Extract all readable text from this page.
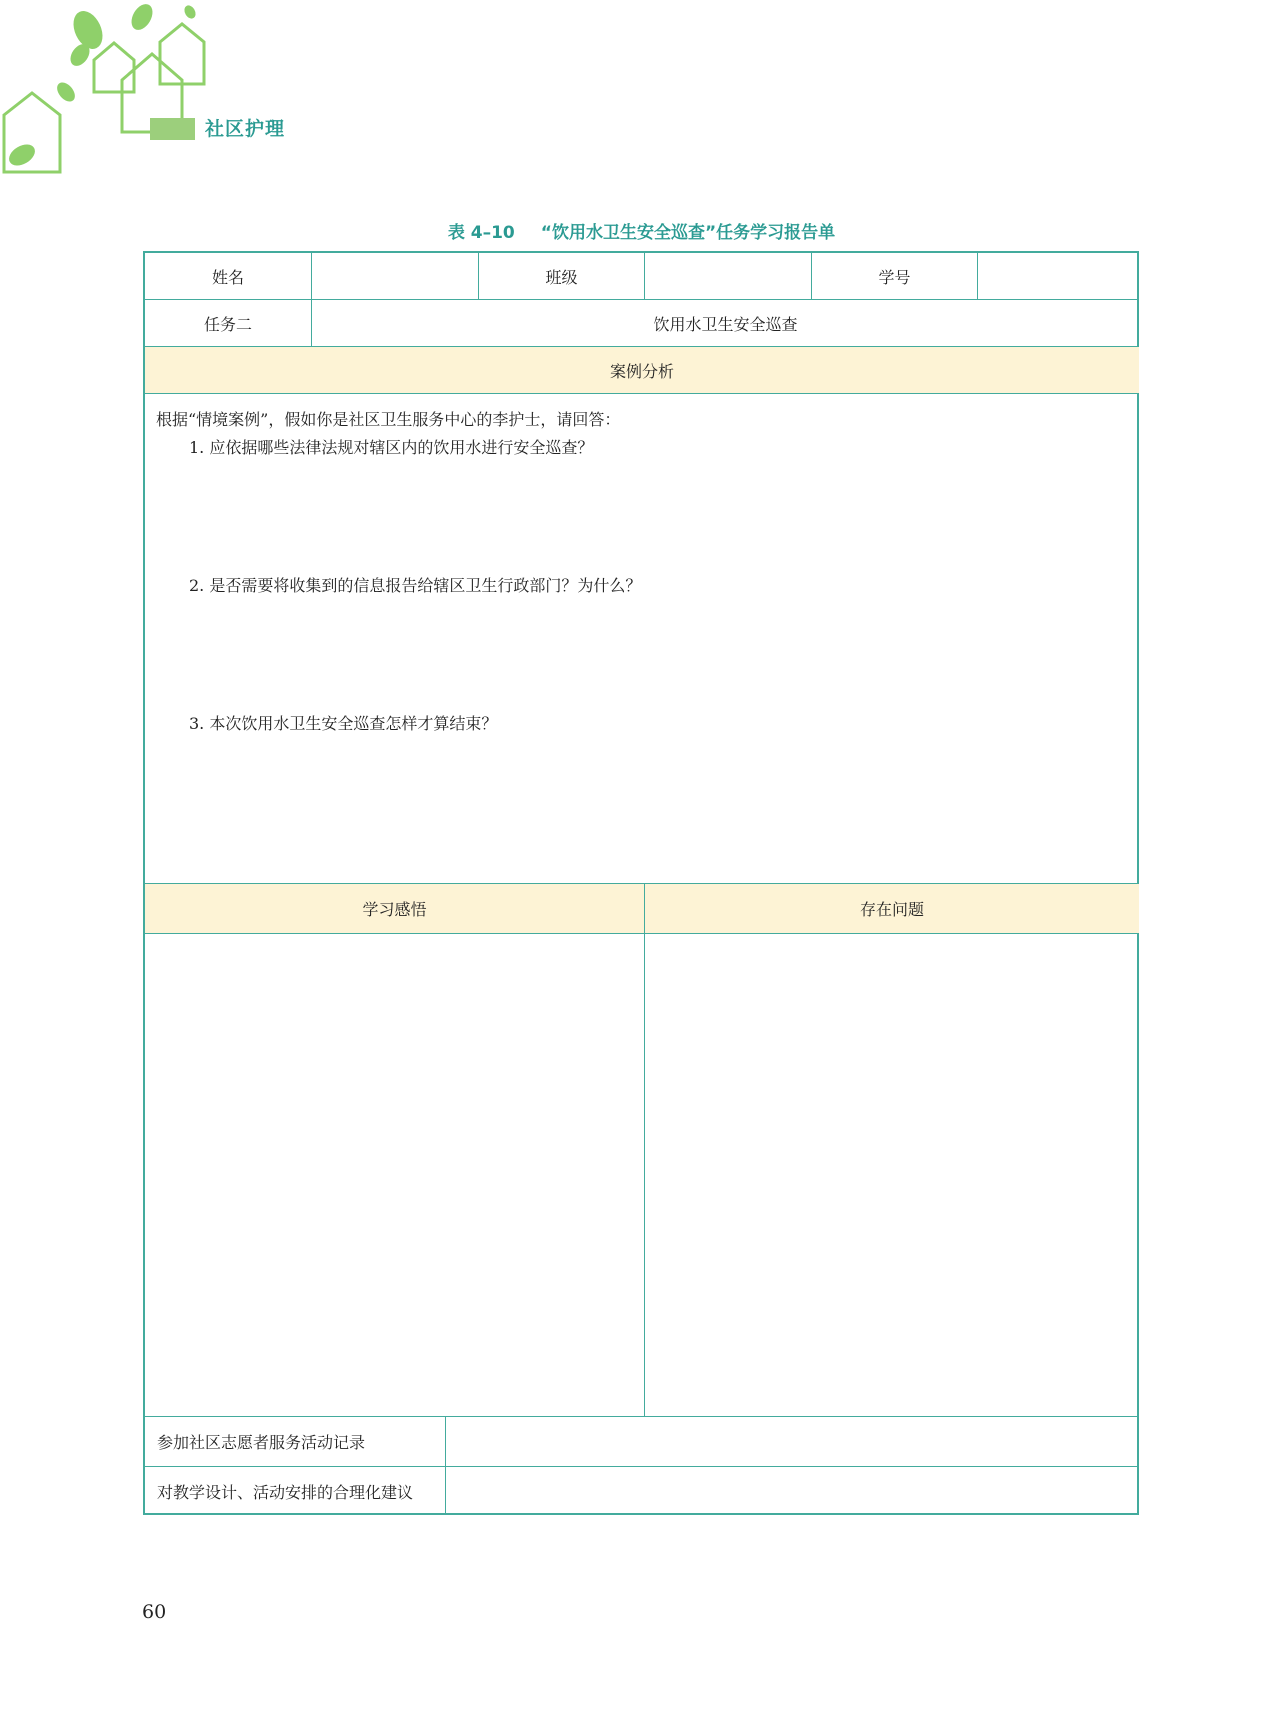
社区护理
表 4–10 “饮用水卫生安全巡查”任务学习报告单
姓名	班级	学号
任务二	饮用水卫生安全巡查
案例分析

根据“情境案例”，假如你是社区卫生服务中心的李护士，请回答：

1. 应依据哪些法律法规对辖区内的饮用水进行安全巡查？

2. 是否需要将收集到的信息报告给辖区卫生行政部门？为什么？

3. 本次饮用水卫生安全巡查怎样才算结束？

学习感悟	存在问题
参加社区志愿者服务活动记录
对教学设计、活动安排的合理化建议
60
